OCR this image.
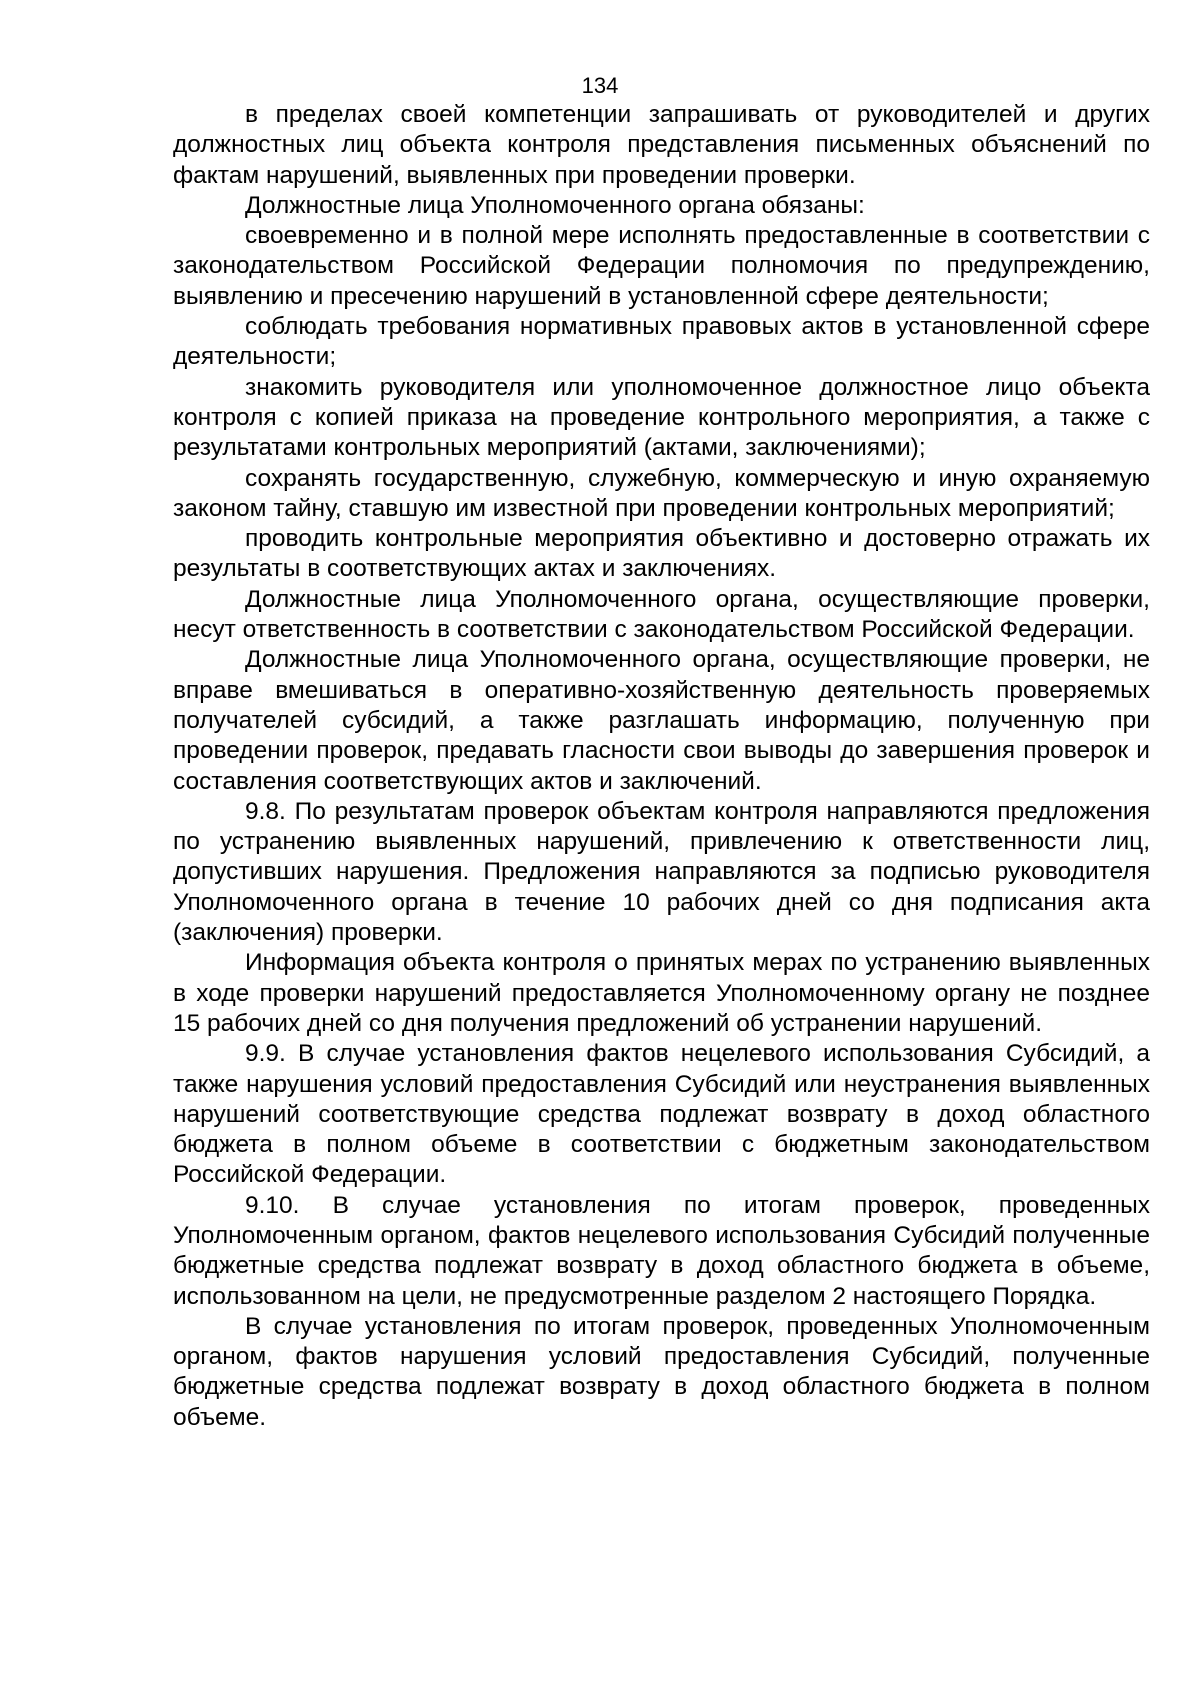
134

в пределах своей компетенции запрашивать от руководителей и других должностных лиц объекта контроля представления письменных объяснений по фактам нарушений, выявленных при проведении проверки.

Должностные лица Уполномоченного органа обязаны:

своевременно и в полной мере исполнять предоставленные в соответствии с законодательством Российской Федерации полномочия по предупреждению, выявлению и пресечению нарушений в установленной сфере деятельности;

соблюдать требования нормативных правовых актов в установленной сфере деятельности;

знакомить руководителя или уполномоченное должностное лицо объекта контроля с копией приказа на проведение контрольного мероприятия, а также с результатами контрольных мероприятий (актами, заключениями);

сохранять государственную, служебную, коммерческую и иную охраняемую законом тайну, ставшую им известной при проведении контрольных мероприятий;

проводить контрольные мероприятия объективно и достоверно отражать их результаты в соответствующих актах и заключениях.

Должностные лица Уполномоченного органа, осуществляющие проверки, несут ответственность в соответствии с законодательством Российской Федерации.

Должностные лица Уполномоченного органа, осуществляющие проверки, не вправе вмешиваться в оперативно-хозяйственную деятельность проверяемых получателей субсидий, а также разглашать информацию, полученную при проведении проверок, предавать гласности свои выводы до завершения проверок и составления соответствующих актов и заключений.

9.8. По результатам проверок объектам контроля направляются предложения по устранению выявленных нарушений, привлечению к ответственности лиц, допустивших нарушения. Предложения направляются за подписью руководителя Уполномоченного органа в течение 10 рабочих дней со дня подписания акта (заключения) проверки.

Информация объекта контроля о принятых мерах по устранению выявленных в ходе проверки нарушений предоставляется Уполномоченному органу не позднее 15 рабочих дней со дня получения предложений об устранении нарушений.

9.9. В случае установления фактов нецелевого использования Субсидий, а также нарушения условий предоставления Субсидий или неустранения выявленных нарушений соответствующие средства подлежат возврату в доход областного бюджета в полном объеме в соответствии с бюджетным законодательством Российской Федерации.

9.10. В случае установления по итогам проверок, проведенных Уполномоченным органом, фактов нецелевого использования Субсидий полученные бюджетные средства подлежат возврату в доход областного бюджета в объеме, использованном на цели, не предусмотренные разделом 2 настоящего Порядка.

В случае установления по итогам проверок, проведенных Уполномоченным органом, фактов нарушения условий предоставления Субсидий, полученные бюджетные средства подлежат возврату в доход областного бюджета в полном объеме.
